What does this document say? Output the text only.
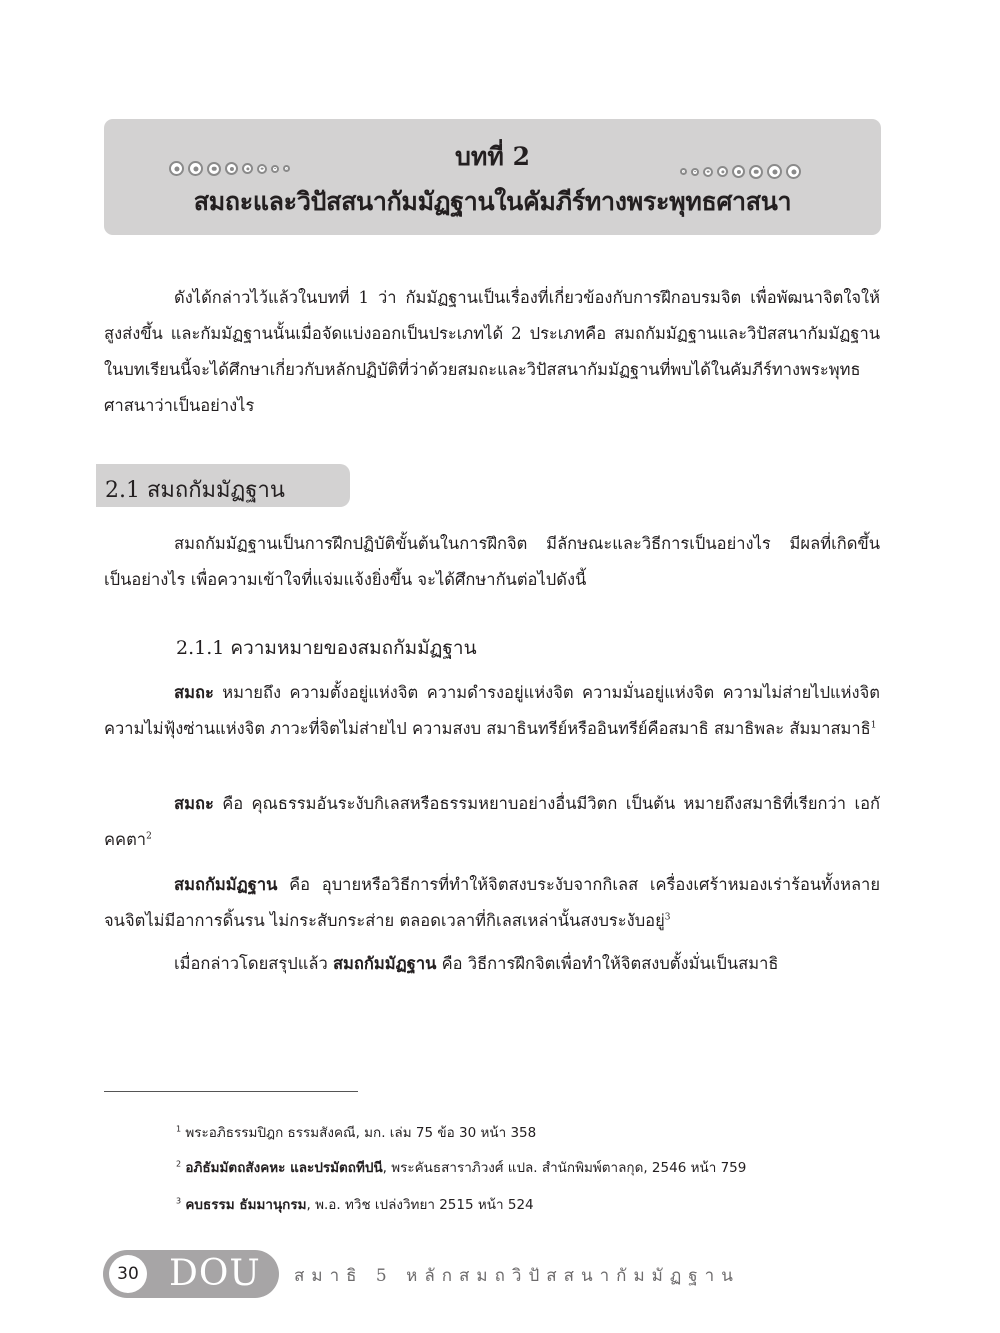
บทที่ 2
สมถะและวิปัสสนากัมมัฏฐานในคัมภีร์ทางพระพุทธศาสนา

ดังได้กล่าวไว้แล้วในบทที่ 1 ว่า กัมมัฏฐานเป็นเรื่องที่เกี่ยวข้องกับการฝึกอบรมจิต เพื่อพัฒนาจิตใจให้สูงส่งขึ้น และกัมมัฏฐานนั้นเมื่อจัดแบ่งออกเป็นประเภทได้ 2 ประเภทคือ สมถกัมมัฏฐานและวิปัสสนากัมมัฏฐาน ในบทเรียนนี้จะได้ศึกษาเกี่ยวกับหลักปฏิบัติที่ว่าด้วยสมถะและวิปัสสนากัมมัฏฐานที่พบได้ในคัมภีร์ทางพระพุทธศาสนาว่าเป็นอย่างไร

2.1 สมถกัมมัฏฐาน

สมถกัมมัฏฐานเป็นการฝึกปฏิบัติขั้นต้นในการฝึกจิต มีลักษณะและวิธีการเป็นอย่างไร มีผลที่เกิดขึ้นเป็นอย่างไร เพื่อความเข้าใจที่แจ่มแจ้งยิ่งขึ้น จะได้ศึกษากันต่อไปดังนี้

2.1.1 ความหมายของสมถกัมมัฏฐาน

สมถะ หมายถึง ความตั้งอยู่แห่งจิต ความดำรงอยู่แห่งจิต ความมั่นอยู่แห่งจิต ความไม่ส่ายไปแห่งจิต ความไม่ฟุ้งซ่านแห่งจิต ภาวะที่จิตไม่ส่ายไป ความสงบ สมาธินทรีย์หรืออินทรีย์คือสมาธิ สมาธิพละ สัมมาสมาธิ$^1$

สมถะ คือ คุณธรรมอันระงับกิเลสหรือธรรมหยาบอย่างอื่นมีวิตก เป็นต้น หมายถึงสมาธิที่เรียกว่า เอกัคคตา$^2$

สมถกัมมัฏฐาน คือ อุบายหรือวิธีการที่ทำให้จิตสงบระงับจากกิเลส เครื่องเศร้าหมองเร่าร้อนทั้งหลายจนจิตไม่มีอาการดิ้นรน ไม่กระสับกระส่าย ตลอดเวลาที่กิเลสเหล่านั้นสงบระงับอยู่$^3$

เมื่อกล่าวโดยสรุปแล้ว สมถกัมมัฏฐาน คือ วิธีการฝึกจิตเพื่อทำให้จิตสงบตั้งมั่นเป็นสมาธิ

$^1$ พระอภิธรรมปิฎก ธรรมสังคณี, มก. เล่ม 75 ข้อ 30 หน้า 358
$^2$ อภิธัมมัตถสังคหะ และปรมัตถทีปนี, พระคันธสาราภิวงศ์ แปล. สำนักพิมพ์ตาลกุด, 2546 หน้า 759
$^3$ คบธรรม ธัมมานุกรม, พ.อ. ทวิช เปล่งวิทยา 2515 หน้า 524
30 DOU สมาธิ 5 หลักสมถวิปัสสนากัมมัฏฐาน
